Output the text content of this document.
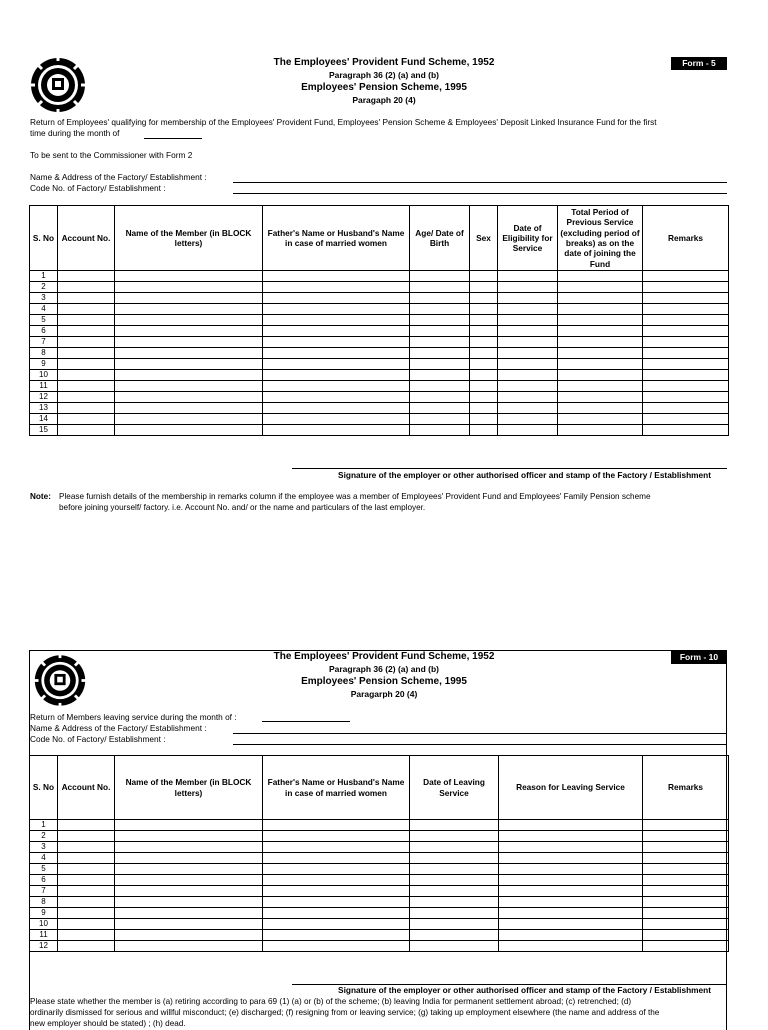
Form - 5
The Employees' Provident Fund Scheme, 1952
Paragraph 36 (2) (a) and (b)
Employees' Pension Scheme, 1995
Paragaph 20 (4)
Return of Employees' qualifying for membership of the Employees' Provident Fund, Employees' Pension Scheme & Employees' Deposit Linked Insurance Fund for the first
time during the month of
To be sent to the Commissioner with Form 2
Name & Address of the Factory/ Establishment :
Code No. of Factory/ Establishment :
S. No	Account No.	Name of the Member (in BLOCK letters)	Father's Name or Husband's Name in case of married women	Age/ Date of Birth	Sex	Date of Eligibility for Service	Total Period of Previous Service (excluding period of breaks) as on the date of joining the Fund	Remarks
1								
2								
3								
4								
5								
6								
7								
8								
9								
10								
11								
12								
13								
14								
15								
Signature of the employer or other authorised officer and stamp of the Factory / Establishment
Note: Please furnish details of the membership in remarks column if the employee was a member of Employees' Provident Fund and Employees' Family Pension scheme
before joining yourself/ factory. i.e. Account No. and/ or the name and particulars of the last employer.
Form - 10
The Employees' Provident Fund Scheme, 1952
Paragraph 36 (2) (a) and (b)
Employees' Pension Scheme, 1995
Paragarph 20 (4)
Return of Members leaving service during the month of :
Name & Address of the Factory/ Establishment :
Code No. of Factory/ Establishment :
S. No	Account No.	Name of the Member (in BLOCK letters)	Father's Name or Husband's Name in case of married women	Date of Leaving Service	Reason for Leaving Service	Remarks
1						
2						
3						
4						
5						
6						
7						
8						
9						
10						
11						
12						
Signature of the employer or other authorised officer and stamp of the Factory / Establishment
Please state whether the member is (a) retiring according to para 69 (1) (a) or (b) of the scheme; (b) leaving India for permanent settlement abroad; (c) retrenched; (d)
ordinarily dismissed for serious and willful misconduct; (e) discharged; (f) resigning from or leaving service; (g) taking up employment elsewhere (the name and address of the
new employer should be stated) ; (h) dead.
